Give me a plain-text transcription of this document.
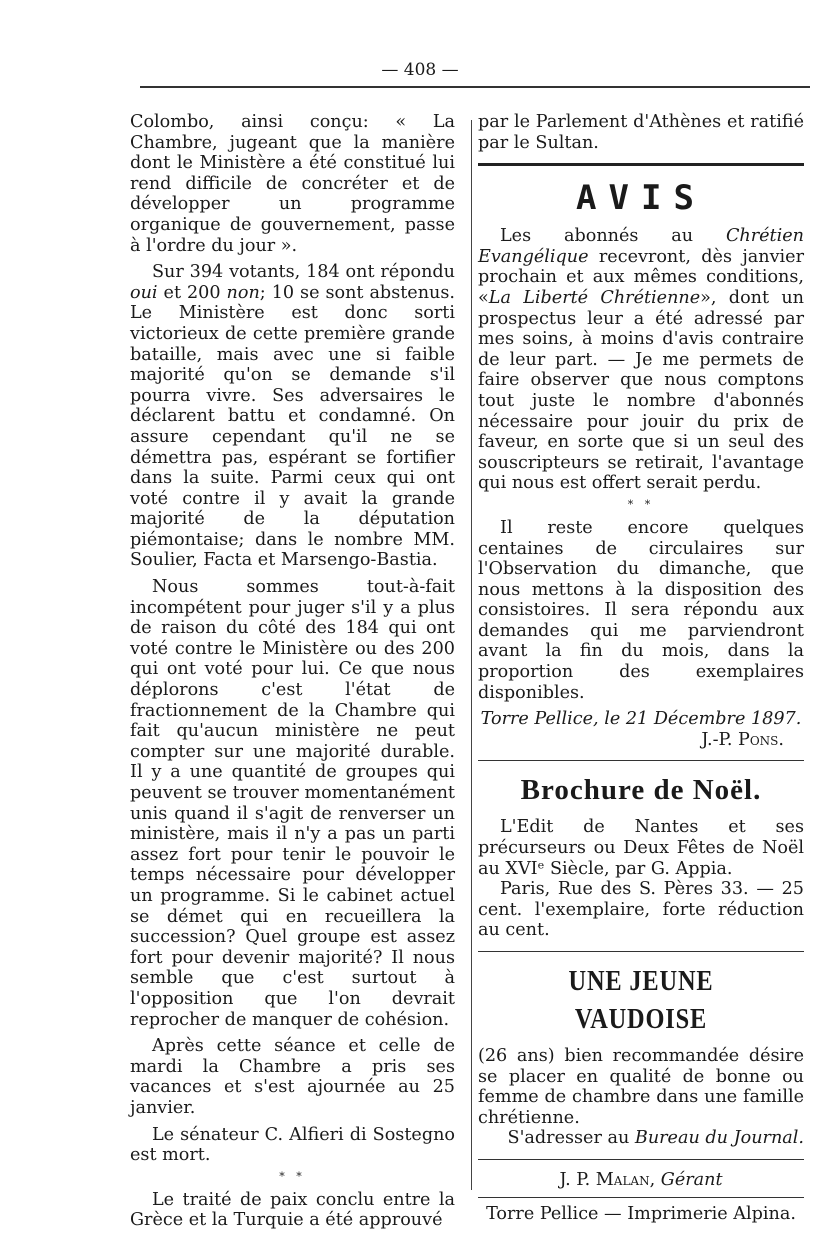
— 408 —

Colombo, ainsi conçu: « La Chambre, jugeant que la manière dont le Ministère a été constitué lui rend difficile de concréter et de développer un programme organique de gouvernement, passe à l'ordre du jour ».

Sur 394 votants, 184 ont répondu oui et 200 non; 10 se sont abstenus. Le Ministère est donc sorti victorieux de cette première grande bataille, mais avec une si faible majorité qu'on se demande s'il pourra vivre. Ses adversaires le déclarent battu et condamné. On assure cependant qu'il ne se démettra pas, espérant se fortifier dans la suite. Parmi ceux qui ont voté contre il y avait la grande majorité de la députation piémontaise; dans le nombre MM. Soulier, Facta et Marsengo-Bastia.

Nous sommes tout-à-fait incompétent pour juger s'il y a plus de raison du côté des 184 qui ont voté contre le Ministère ou des 200 qui ont voté pour lui. Ce que nous déplorons c'est l'état de fractionnement de la Chambre qui fait qu'aucun ministère ne peut compter sur une majorité durable. Il y a une quantité de groupes qui peuvent se trouver momentanément unis quand il s'agit de renverser un ministère, mais il n'y a pas un parti assez fort pour tenir le pouvoir le temps nécessaire pour développer un programme. Si le cabinet actuel se démet qui en recueillera la succession? Quel groupe est assez fort pour devenir majorité? Il nous semble que c'est surtout à l'opposition que l'on devrait reprocher de manquer de cohésion.

Après cette séance et celle de mardi la Chambre a pris ses vacances et s'est ajournée au 25 janvier.

Le sénateur C. Alfieri di Sostegno est mort.

* *

Le traité de paix conclu entre la Grèce et la Turquie a été approuvé

par le Parlement d'Athènes et ratifié par le Sultan.

AVIS

Les abonnés au Chrétien Evangélique recevront, dès janvier prochain et aux mêmes conditions, «La Liberté Chrétienne», dont un prospectus leur a été adressé par mes soins, à moins d'avis contraire de leur part. — Je me permets de faire observer que nous comptons tout juste le nombre d'abonnés nécessaire pour jouir du prix de faveur, en sorte que si un seul des souscripteurs se retirait, l'avantage qui nous est offert serait perdu.

* *

Il reste encore quelques centaines de circulaires sur l'Observation du dimanche, que nous mettons à la disposition des consistoires. Il sera répondu aux demandes qui me parviendront avant la fin du mois, dans la proportion des exemplaires disponibles.

Torre Pellice, le 21 Décembre 1897.

J.-P. Pons.

Brochure de Noël.

L'Edit de Nantes et ses précurseurs ou Deux Fêtes de Noël au XVIᵉ Siècle, par G. Appia.

Paris, Rue des S. Pères 33. — 25 cent. l'exemplaire, forte réduction au cent.

UNE JEUNE VAUDOISE

(26 ans) bien recommandée désire se placer en qualité de bonne ou femme de chambre dans une famille chrétienne.

S'adresser au Bureau du Journal.

J. P. Malan, Gérant

Torre Pellice — Imprimerie Alpina.
